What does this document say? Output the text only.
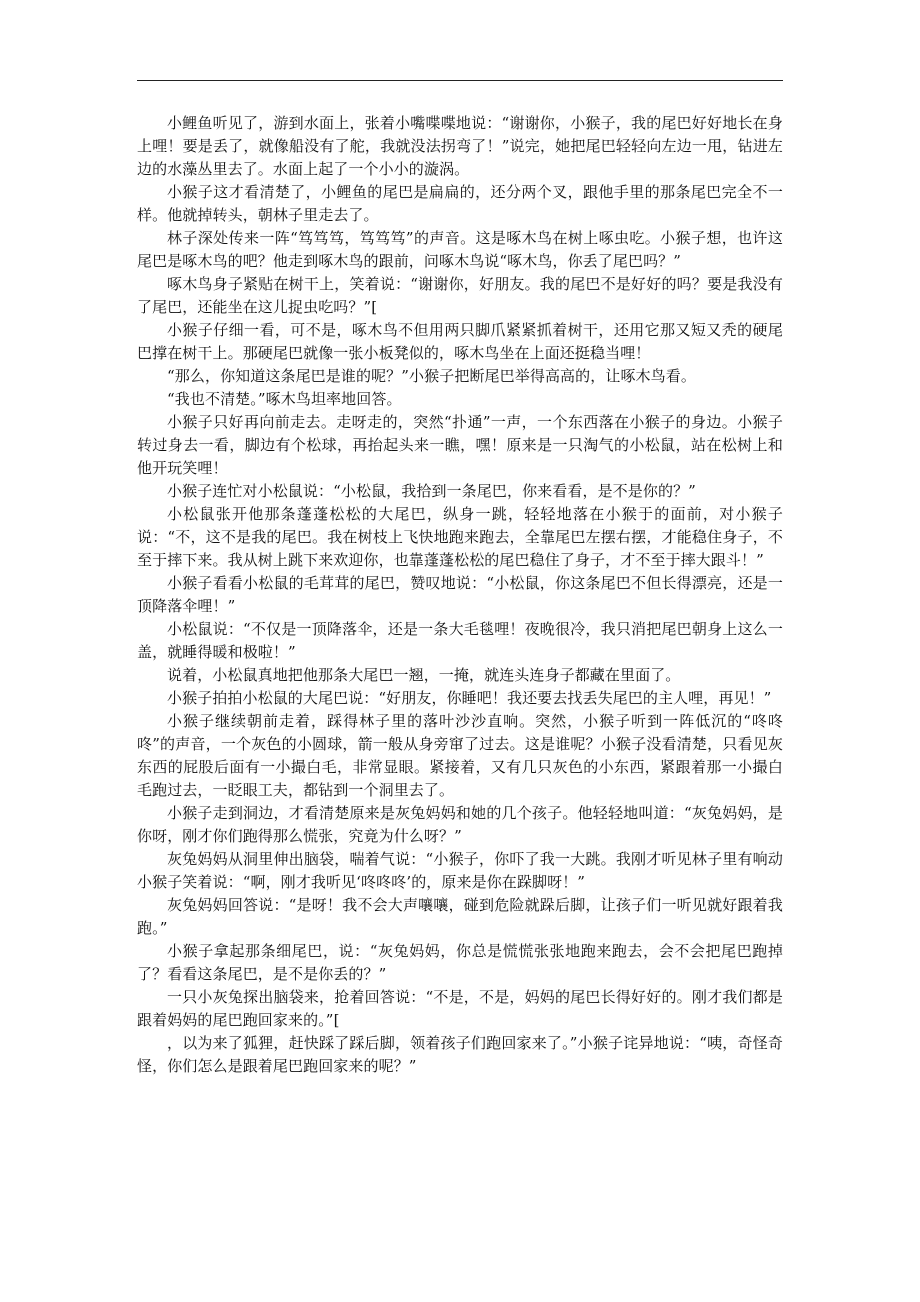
小鲤鱼听见了，游到水面上，张着小嘴喋喋地说：“谢谢你，小猴子，我的尾巴好好地长在身上哩！要是丢了，就像船没有了舵，我就没法拐弯了！”说完，她把尾巴轻轻向左边一甩，钻进左边的水藻丛里去了。水面上起了一个小小的漩涡。

小猴子这才看清楚了，小鲤鱼的尾巴是扁扁的，还分两个叉，跟他手里的那条尾巴完全不一样。他就掉转头，朝林子里走去了。

林子深处传来一阵“笃笃笃，笃笃笃”的声音。这是啄木鸟在树上啄虫吃。小猴子想，也许这尾巴是啄木鸟的吧？他走到啄木鸟的跟前，问啄木鸟说“啄木鸟，你丢了尾巴吗？”

啄木鸟身子紧贴在树干上，笑着说：“谢谢你，好朋友。我的尾巴不是好好的吗？要是我没有了尾巴，还能坐在这儿捉虫吃吗？”[

小猴子仔细一看，可不是，啄木鸟不但用两只脚爪紧紧抓着树干，还用它那又短又秃的硬尾巴撑在树干上。那硬尾巴就像一张小板凳似的，啄木鸟坐在上面还挺稳当哩！

“那么，你知道这条尾巴是谁的呢？”小猴子把断尾巴举得高高的，让啄木鸟看。

“我也不清楚。”啄木鸟坦率地回答。

小猴子只好再向前走去。走呀走的，突然“扑通”一声，一个东西落在小猴子的身边。小猴子转过身去一看，脚边有个松球，再抬起头来一瞧，嘿！原来是一只淘气的小松鼠，站在松树上和他开玩笑哩！

小猴子连忙对小松鼠说：“小松鼠，我拾到一条尾巴，你来看看，是不是你的？”

小松鼠张开他那条蓬蓬松松的大尾巴，纵身一跳，轻轻地落在小猴于的面前，对小猴子说：“不，这不是我的尾巴。我在树枝上飞快地跑来跑去，全靠尾巴左摆右摆，才能稳住身子，不至于摔下来。我从树上跳下来欢迎你，也靠蓬蓬松松的尾巴稳住了身子，才不至于摔大跟斗！”

小猴子看看小松鼠的毛茸茸的尾巴，赞叹地说：“小松鼠，你这条尾巴不但长得漂亮，还是一顶降落伞哩！”

小松鼠说：“不仅是一顶降落伞，还是一条大毛毯哩！夜晚很冷，我只消把尾巴朝身上这么一盖，就睡得暖和极啦！”

说着，小松鼠真地把他那条大尾巴一翘，一掩，就连头连身子都藏在里面了。

小猴子拍拍小松鼠的大尾巴说：“好朋友，你睡吧！我还要去找丢失尾巴的主人哩，再见！”

小猴子继续朝前走着，踩得林子里的落叶沙沙直响。突然，小猴子听到一阵低沉的“咚咚咚”的声音，一个灰色的小圆球，箭一般从身旁窜了过去。这是谁呢？小猴子没看清楚，只看见灰东西的屁股后面有一小撮白毛，非常显眼。紧接着，又有几只灰色的小东西，紧跟着那一小撮白毛跑过去，一眨眼工夫，都钻到一个洞里去了。

小猴子走到洞边，才看清楚原来是灰兔妈妈和她的几个孩子。他轻轻地叫道：“灰兔妈妈，是你呀，刚才你们跑得那么慌张，究竟为什么呀？”

灰兔妈妈从洞里伸出脑袋，喘着气说：“小猴子，你吓了我一大跳。我刚才听见林子里有响动小猴子笑着说：“啊，刚才我听见‘咚咚咚’的，原来是你在跺脚呀！”

灰兔妈妈回答说：“是呀！我不会大声嚷嚷，碰到危险就跺后脚，让孩子们一听见就好跟着我跑。”

小猴子拿起那条细尾巴，说：“灰兔妈妈，你总是慌慌张张地跑来跑去，会不会把尾巴跑掉了？看看这条尾巴，是不是你丢的？”

一只小灰兔探出脑袋来，抢着回答说：“不是，不是，妈妈的尾巴长得好好的。刚才我们都是跟着妈妈的尾巴跑回家来的。”[

，以为来了狐狸，赶快踩了踩后脚，领着孩子们跑回家来了。”小猴子诧异地说：“咦，奇怪奇怪，你们怎么是跟着尾巴跑回家来的呢？”
